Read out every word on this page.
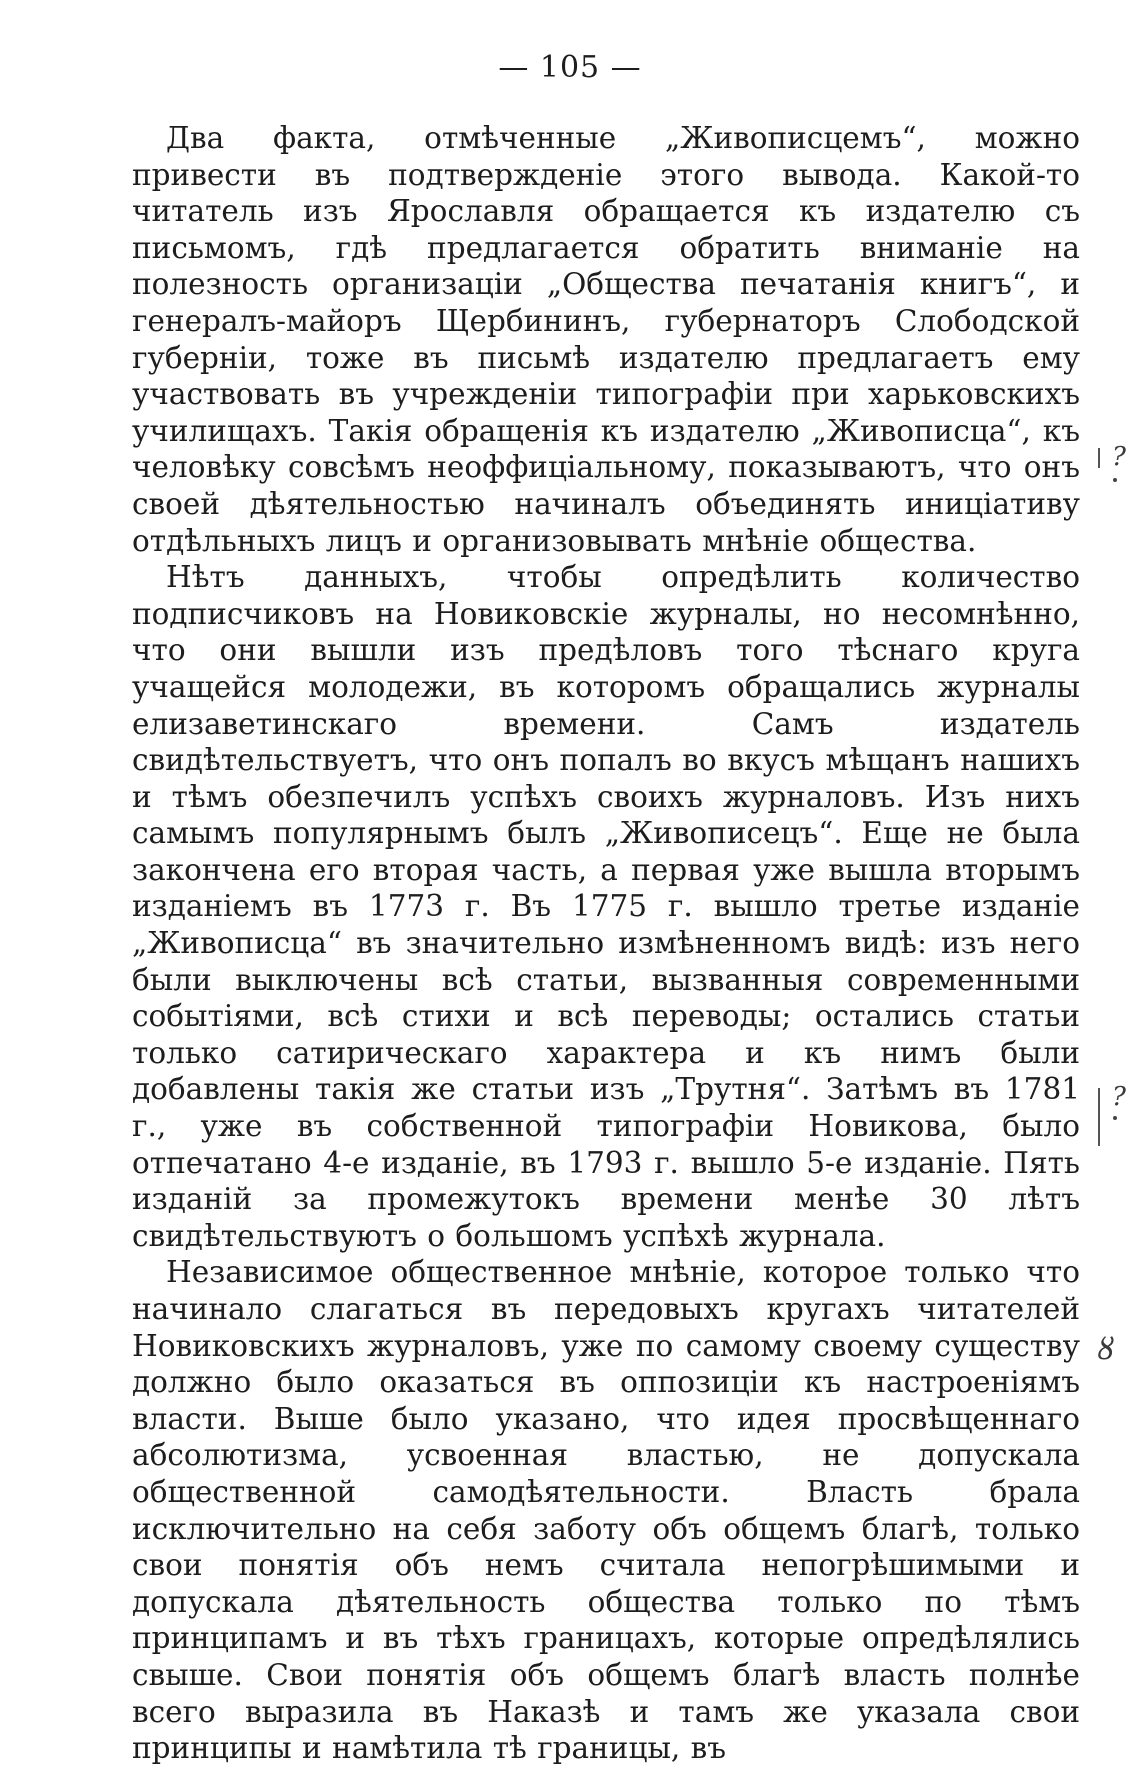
— 105 —

Два факта, отмѣченные „Живописцемъ“, можно привести въ подтвержденіе этого вывода. Какой-то читатель изъ Ярославля обращается къ издателю съ письмомъ, гдѣ предлагается обратить вниманіе на полезность организаціи „Общества печатанія книгъ“, и генералъ-майоръ Щербининъ, губернаторъ Слободской губерніи, тоже въ письмѣ издателю предлагаетъ ему участвовать въ учрежденіи типографіи при харьковскихъ училищахъ. Такія обращенія къ издателю „Живописца“, къ человѣку совсѣмъ неоффиціальному, показываютъ, что онъ своей дѣятельностью начиналъ объединять иниціативу отдѣльныхъ лицъ и организовывать мнѣніе общества.

Нѣтъ данныхъ, чтобы опредѣлить количество подписчиковъ на Новиковскіе журналы, но несомнѣнно, что они вышли изъ предѣловъ того тѣснаго круга учащейся молодежи, въ которомъ обращались журналы елизаветинскаго времени. Самъ издатель свидѣтельствуетъ, что онъ попалъ во вкусъ мѣщанъ нашихъ и тѣмъ обезпечилъ успѣхъ своихъ журналовъ. Изъ нихъ самымъ популярнымъ былъ „Живописецъ“. Еще не была закончена его вторая часть, а первая уже вышла вторымъ изданіемъ въ 1773 г. Въ 1775 г. вышло третье изданіе „Живописца“ въ значительно измѣненномъ видѣ: изъ него были выключены всѣ статьи, вызванныя современными событіями, всѣ стихи и всѣ переводы; остались статьи только сатирическаго характера и къ нимъ были добавлены такія же статьи изъ „Трутня“. Затѣмъ въ 1781 г., уже въ собственной типографіи Новикова, было отпечатано 4-е изданіе, въ 1793 г. вышло 5-е изданіе. Пять изданій за промежутокъ времени менѣе 30 лѣтъ свидѣтельствуютъ о большомъ успѣхѣ журнала.

Независимое общественное мнѣніе, которое только что начинало слагаться въ передовыхъ кругахъ читателей Новиковскихъ журналовъ, уже по самому своему существу должно было оказаться въ оппозиціи къ настроеніямъ власти. Выше было указано, что идея просвѣщеннаго абсолютизма, усвоенная властью, не допускала общественной самодѣятельности. Власть брала исключительно на себя заботу объ общемъ благѣ, только свои понятія объ немъ считала непогрѣшимыми и допускала дѣятельность общества только по тѣмъ принципамъ и въ тѣхъ границахъ, которые опредѣлялись свыше. Свои понятія объ общемъ благѣ власть полнѣе всего выразила въ Наказѣ и тамъ же указала свои принципы и намѣтила тѣ границы, въ

?
?
ȣ
